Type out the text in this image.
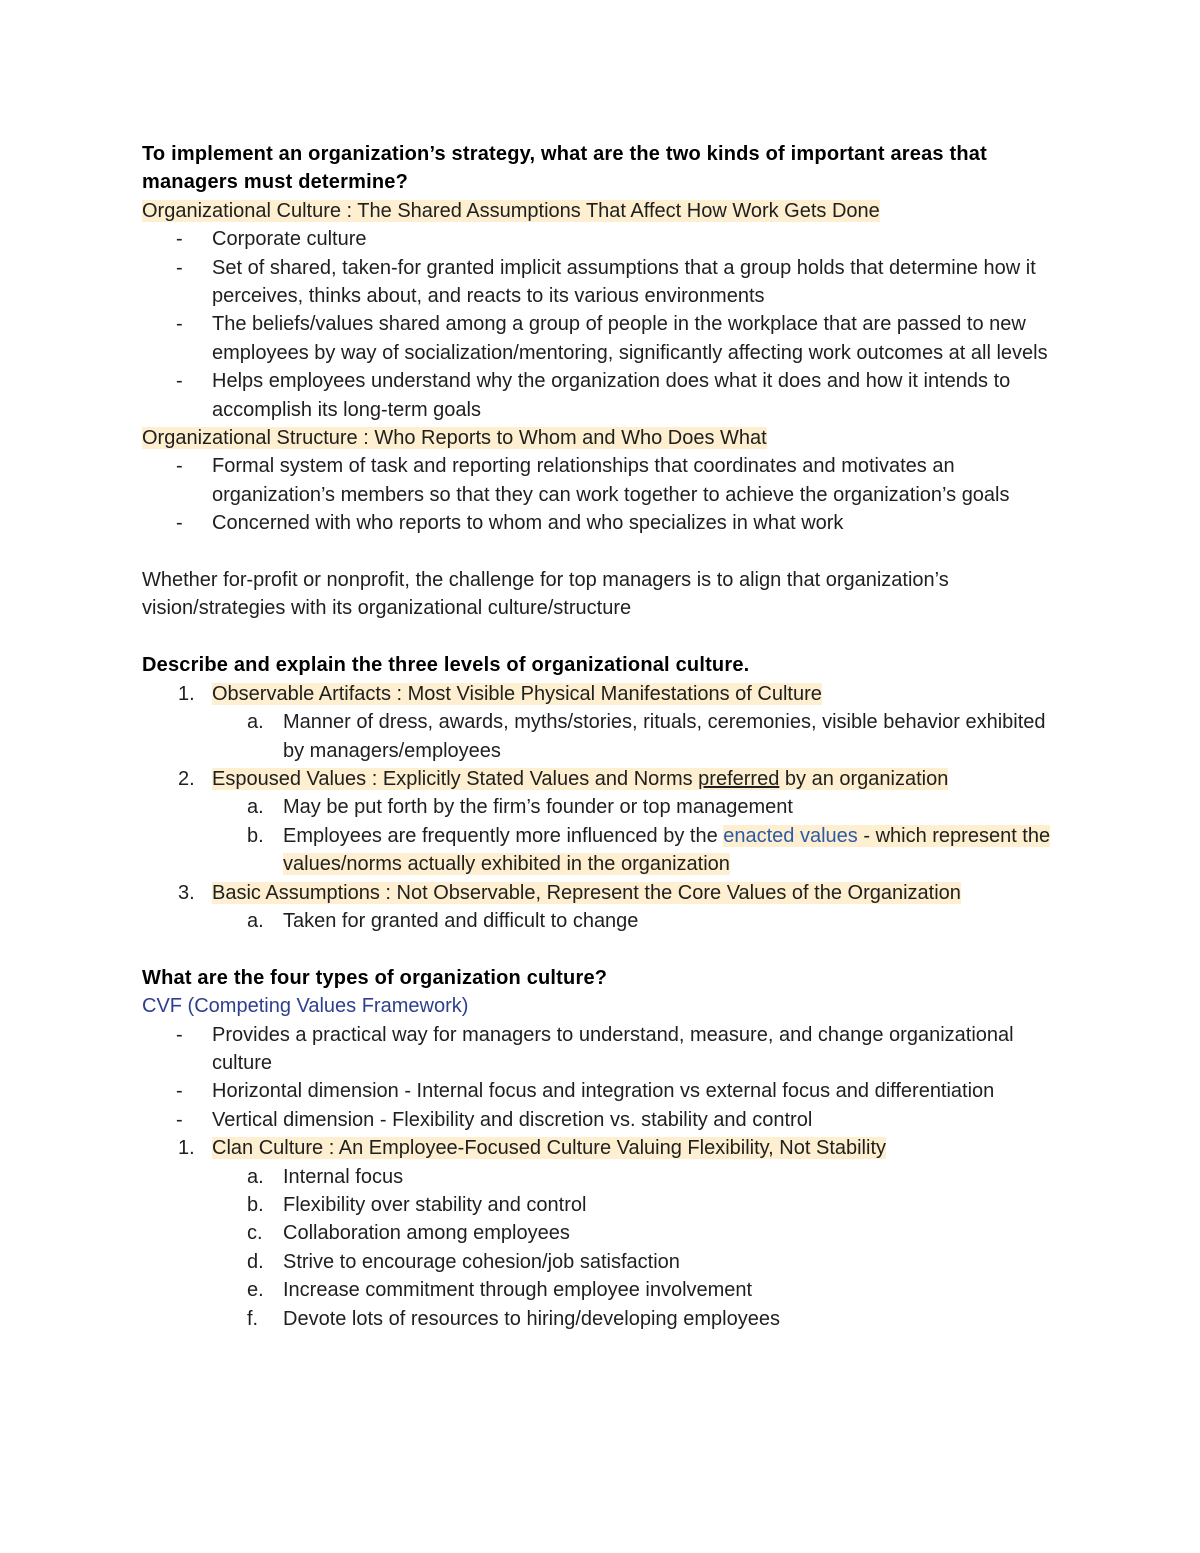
To implement an organization’s strategy, what are the two kinds of important areas that managers must determine?

Organizational Culture : The Shared Assumptions That Affect How Work Gets Done

- Corporate culture
- Set of shared, taken-for granted implicit assumptions that a group holds that determine how it perceives, thinks about, and reacts to its various environments
- The beliefs/values shared among a group of people in the workplace that are passed to new employees by way of socialization/mentoring, significantly affecting work outcomes at all levels
- Helps employees understand why the organization does what it does and how it intends to accomplish its long-term goals

Organizational Structure : Who Reports to Whom and Who Does What

- Formal system of task and reporting relationships that coordinates and motivates an organization’s members so that they can work together to achieve the organization’s goals
- Concerned with who reports to whom and who specializes in what work

Whether for-profit or nonprofit, the challenge for top managers is to align that organization’s vision/strategies with its organizational culture/structure

Describe and explain the three levels of organizational culture.

1. Observable Artifacts : Most Visible Physical Manifestations of Culture
a. Manner of dress, awards, myths/stories, rituals, ceremonies, visible behavior exhibited by managers/employees
2. Espoused Values : Explicitly Stated Values and Norms preferred by an organization
a. May be put forth by the firm’s founder or top management
b. Employees are frequently more influenced by the enacted values - which represent the values/norms actually exhibited in the organization
3. Basic Assumptions : Not Observable, Represent the Core Values of the Organization
a. Taken for granted and difficult to change

What are the four types of organization culture?

CVF (Competing Values Framework)

- Provides a practical way for managers to understand, measure, and change organizational culture
- Horizontal dimension - Internal focus and integration vs external focus and differentiation
- Vertical dimension - Flexibility and discretion vs. stability and control
1. Clan Culture : An Employee-Focused Culture Valuing Flexibility, Not Stability
a. Internal focus
b. Flexibility over stability and control
c. Collaboration among employees
d. Strive to encourage cohesion/job satisfaction
e. Increase commitment through employee involvement
f. Devote lots of resources to hiring/developing employees
